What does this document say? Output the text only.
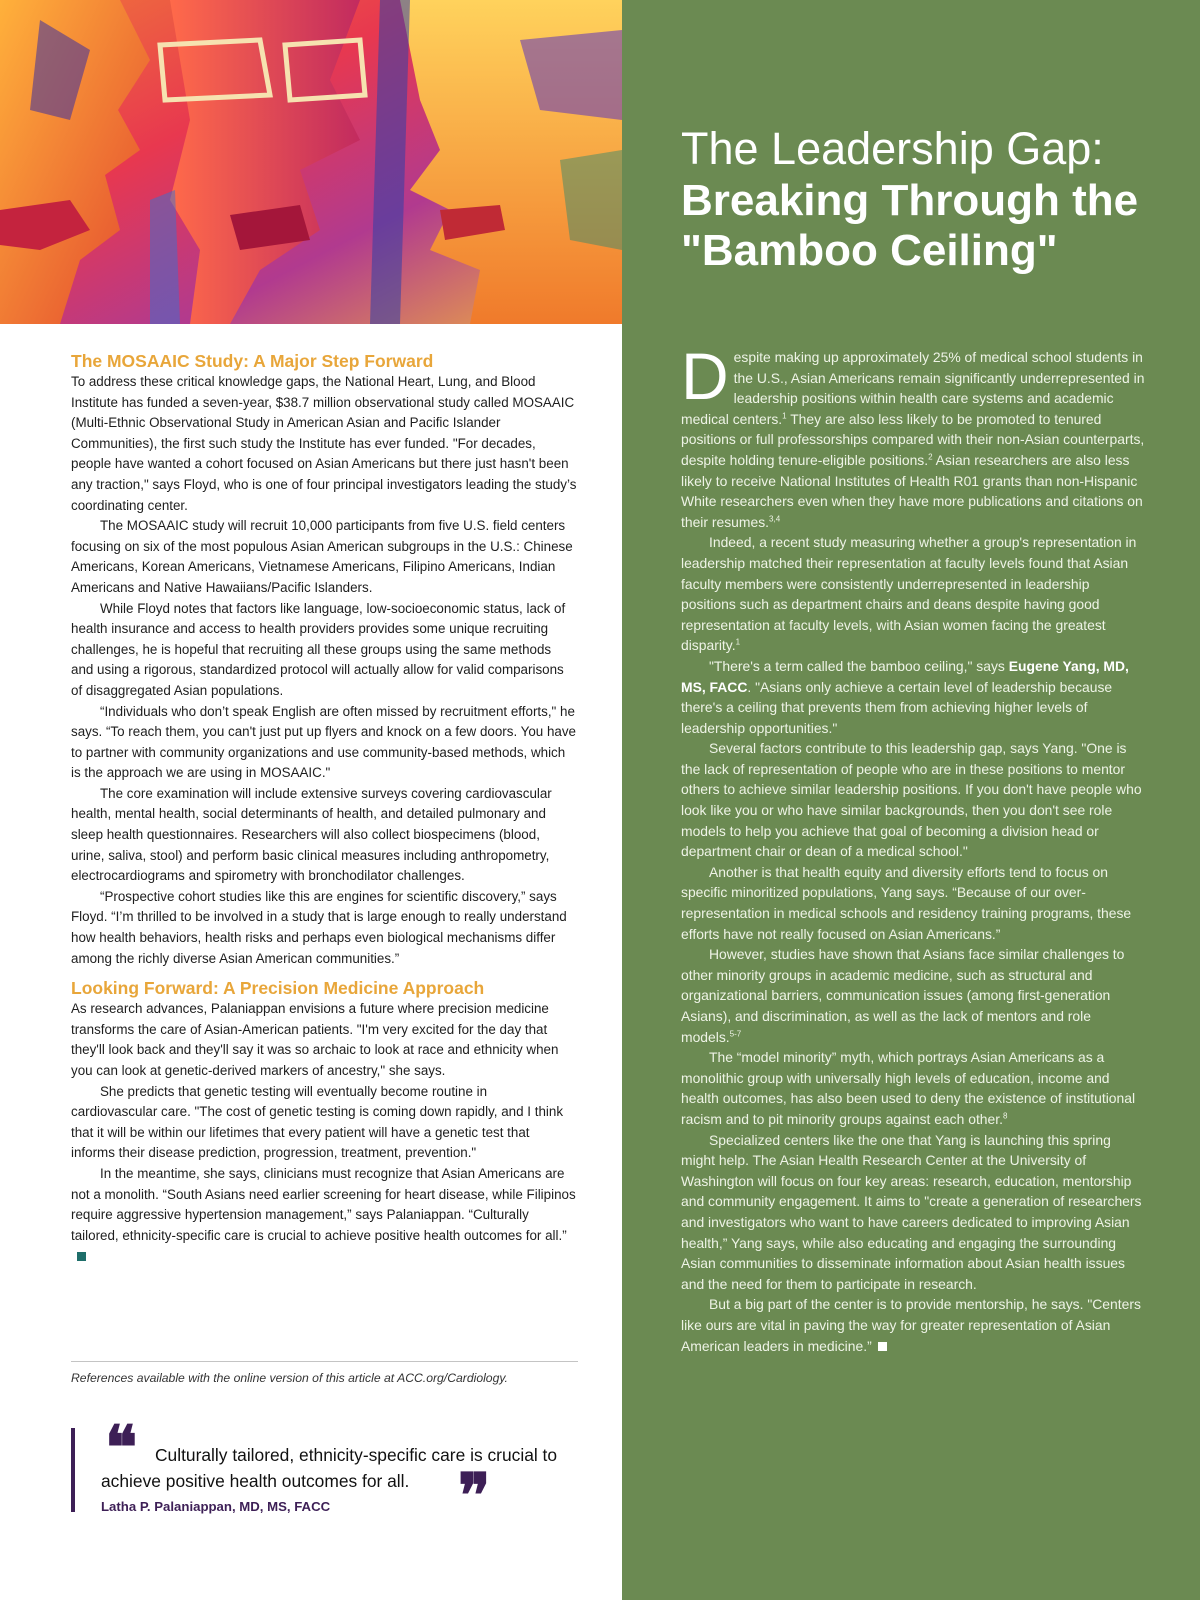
The MOSAAIC Study: A Major Step Forward

To address these critical knowledge gaps, the National Heart, Lung, and Blood Institute has funded a seven-year, $38.7 million observational study called MOSAAIC (Multi-Ethnic Observational Study in American Asian and Pacific Islander Communities), the first such study the Institute has ever funded. "For decades, people have wanted a cohort focused on Asian Americans but there just hasn't been any traction," says Floyd, who is one of four principal investigators leading the study’s coordinating center.

The MOSAAIC study will recruit 10,000 participants from five U.S. field centers focusing on six of the most populous Asian American subgroups in the U.S.: Chinese Americans, Korean Americans, Vietnamese Americans, Filipino Americans, Indian Americans and Native Hawaiians/Pacific Islanders.

While Floyd notes that factors like language, low-socioeconomic status, lack of health insurance and access to health providers provides some unique recruiting challenges, he is hopeful that recruiting all these groups using the same methods and using a rigorous, standardized protocol will actually allow for valid comparisons of disaggregated Asian populations.

“Individuals who don’t speak English are often missed by recruitment efforts," he says. “To reach them, you can't just put up flyers and knock on a few doors. You have to partner with community organizations and use community-based methods, which is the approach we are using in MOSAAIC."

The core examination will include extensive surveys covering cardiovascular health, mental health, social determinants of health, and detailed pulmonary and sleep health questionnaires. Researchers will also collect biospecimens (blood, urine, saliva, stool) and perform basic clinical measures including anthropometry, electrocardiograms and spirometry with bronchodilator challenges.

“Prospective cohort studies like this are engines for scientific discovery,” says Floyd. “I’m thrilled to be involved in a study that is large enough to really understand how health behaviors, health risks and perhaps even biological mechanisms differ among the richly diverse Asian American communities.”

Looking Forward: A Precision Medicine Approach

As research advances, Palaniappan envisions a future where precision medicine transforms the care of Asian-American patients. "I'm very excited for the day that they'll look back and they'll say it was so archaic to look at race and ethnicity when you can look at genetic-derived markers of ancestry," she says.

She predicts that genetic testing will eventually become routine in cardiovascular care. "The cost of genetic testing is coming down rapidly, and I think that it will be within our lifetimes that every patient will have a genetic test that informs their disease prediction, progression, treatment, prevention."

In the meantime, she says, clinicians must recognize that Asian Americans are not a monolith. “South Asians need earlier screening for heart disease, while Filipinos require aggressive hypertension management,” says Palaniappan. “Culturally tailored, ethnicity-specific care is crucial to achieve positive health outcomes for all.”

References available with the online version of this article at ACC.org/Cardiology.
❝	Culturally tailored, ethnicity-specific care is crucial to achieve positive health outcomes for all. ❞
Latha P. Palaniappan, MD, MS, FACC
The Leadership Gap:
Breaking Through the "Bamboo Ceiling"

Despite making up approximately 25% of medical school students in the U.S., Asian Americans remain significantly underrepresented in leadership positions within health care systems and academic medical centers.$^1$ They are also less likely to be promoted to tenured positions or full professorships compared with their non-Asian counterparts, despite holding tenure-eligible positions.$^2$ Asian researchers are also less likely to receive National Institutes of Health R01 grants than non-Hispanic White researchers even when they have more publications and citations on their resumes.$^{3,4}$

Indeed, a recent study measuring whether a group's representation in leadership matched their representation at faculty levels found that Asian faculty members were consistently underrepresented in leadership positions such as department chairs and deans despite having good representation at faculty levels, with Asian women facing the greatest disparity.$^1$

"There's a term called the bamboo ceiling," says Eugene Yang, MD, MS, FACC. "Asians only achieve a certain level of leadership because there's a ceiling that prevents them from achieving higher levels of leadership opportunities."

Several factors contribute to this leadership gap, says Yang. "One is the lack of representation of people who are in these positions to mentor others to achieve similar leadership positions. If you don't have people who look like you or who have similar backgrounds, then you don't see role models to help you achieve that goal of becoming a division head or department chair or dean of a medical school."

Another is that health equity and diversity efforts tend to focus on specific minoritized populations, Yang says. “Because of our over-representation in medical schools and residency training programs, these efforts have not really focused on Asian Americans.”

However, studies have shown that Asians face similar challenges to other minority groups in academic medicine, such as structural and organizational barriers, communication issues (among first-generation Asians), and discrimination, as well as the lack of mentors and role models.$^{5-7}$

The “model minority” myth, which portrays Asian Americans as a monolithic group with universally high levels of education, income and health outcomes, has also been used to deny the existence of institutional racism and to pit minority groups against each other.$^8$

Specialized centers like the one that Yang is launching this spring might help. The Asian Health Research Center at the University of Washington will focus on four key areas: research, education, mentorship and community engagement. It aims to "create a generation of researchers and investigators who want to have careers dedicated to improving Asian health,” Yang says, while also educating and engaging the surrounding Asian communities to disseminate information about Asian health issues and the need for them to participate in research.

But a big part of the center is to provide mentorship, he says. "Centers like ours are vital in paving the way for greater representation of Asian American leaders in medicine.”
